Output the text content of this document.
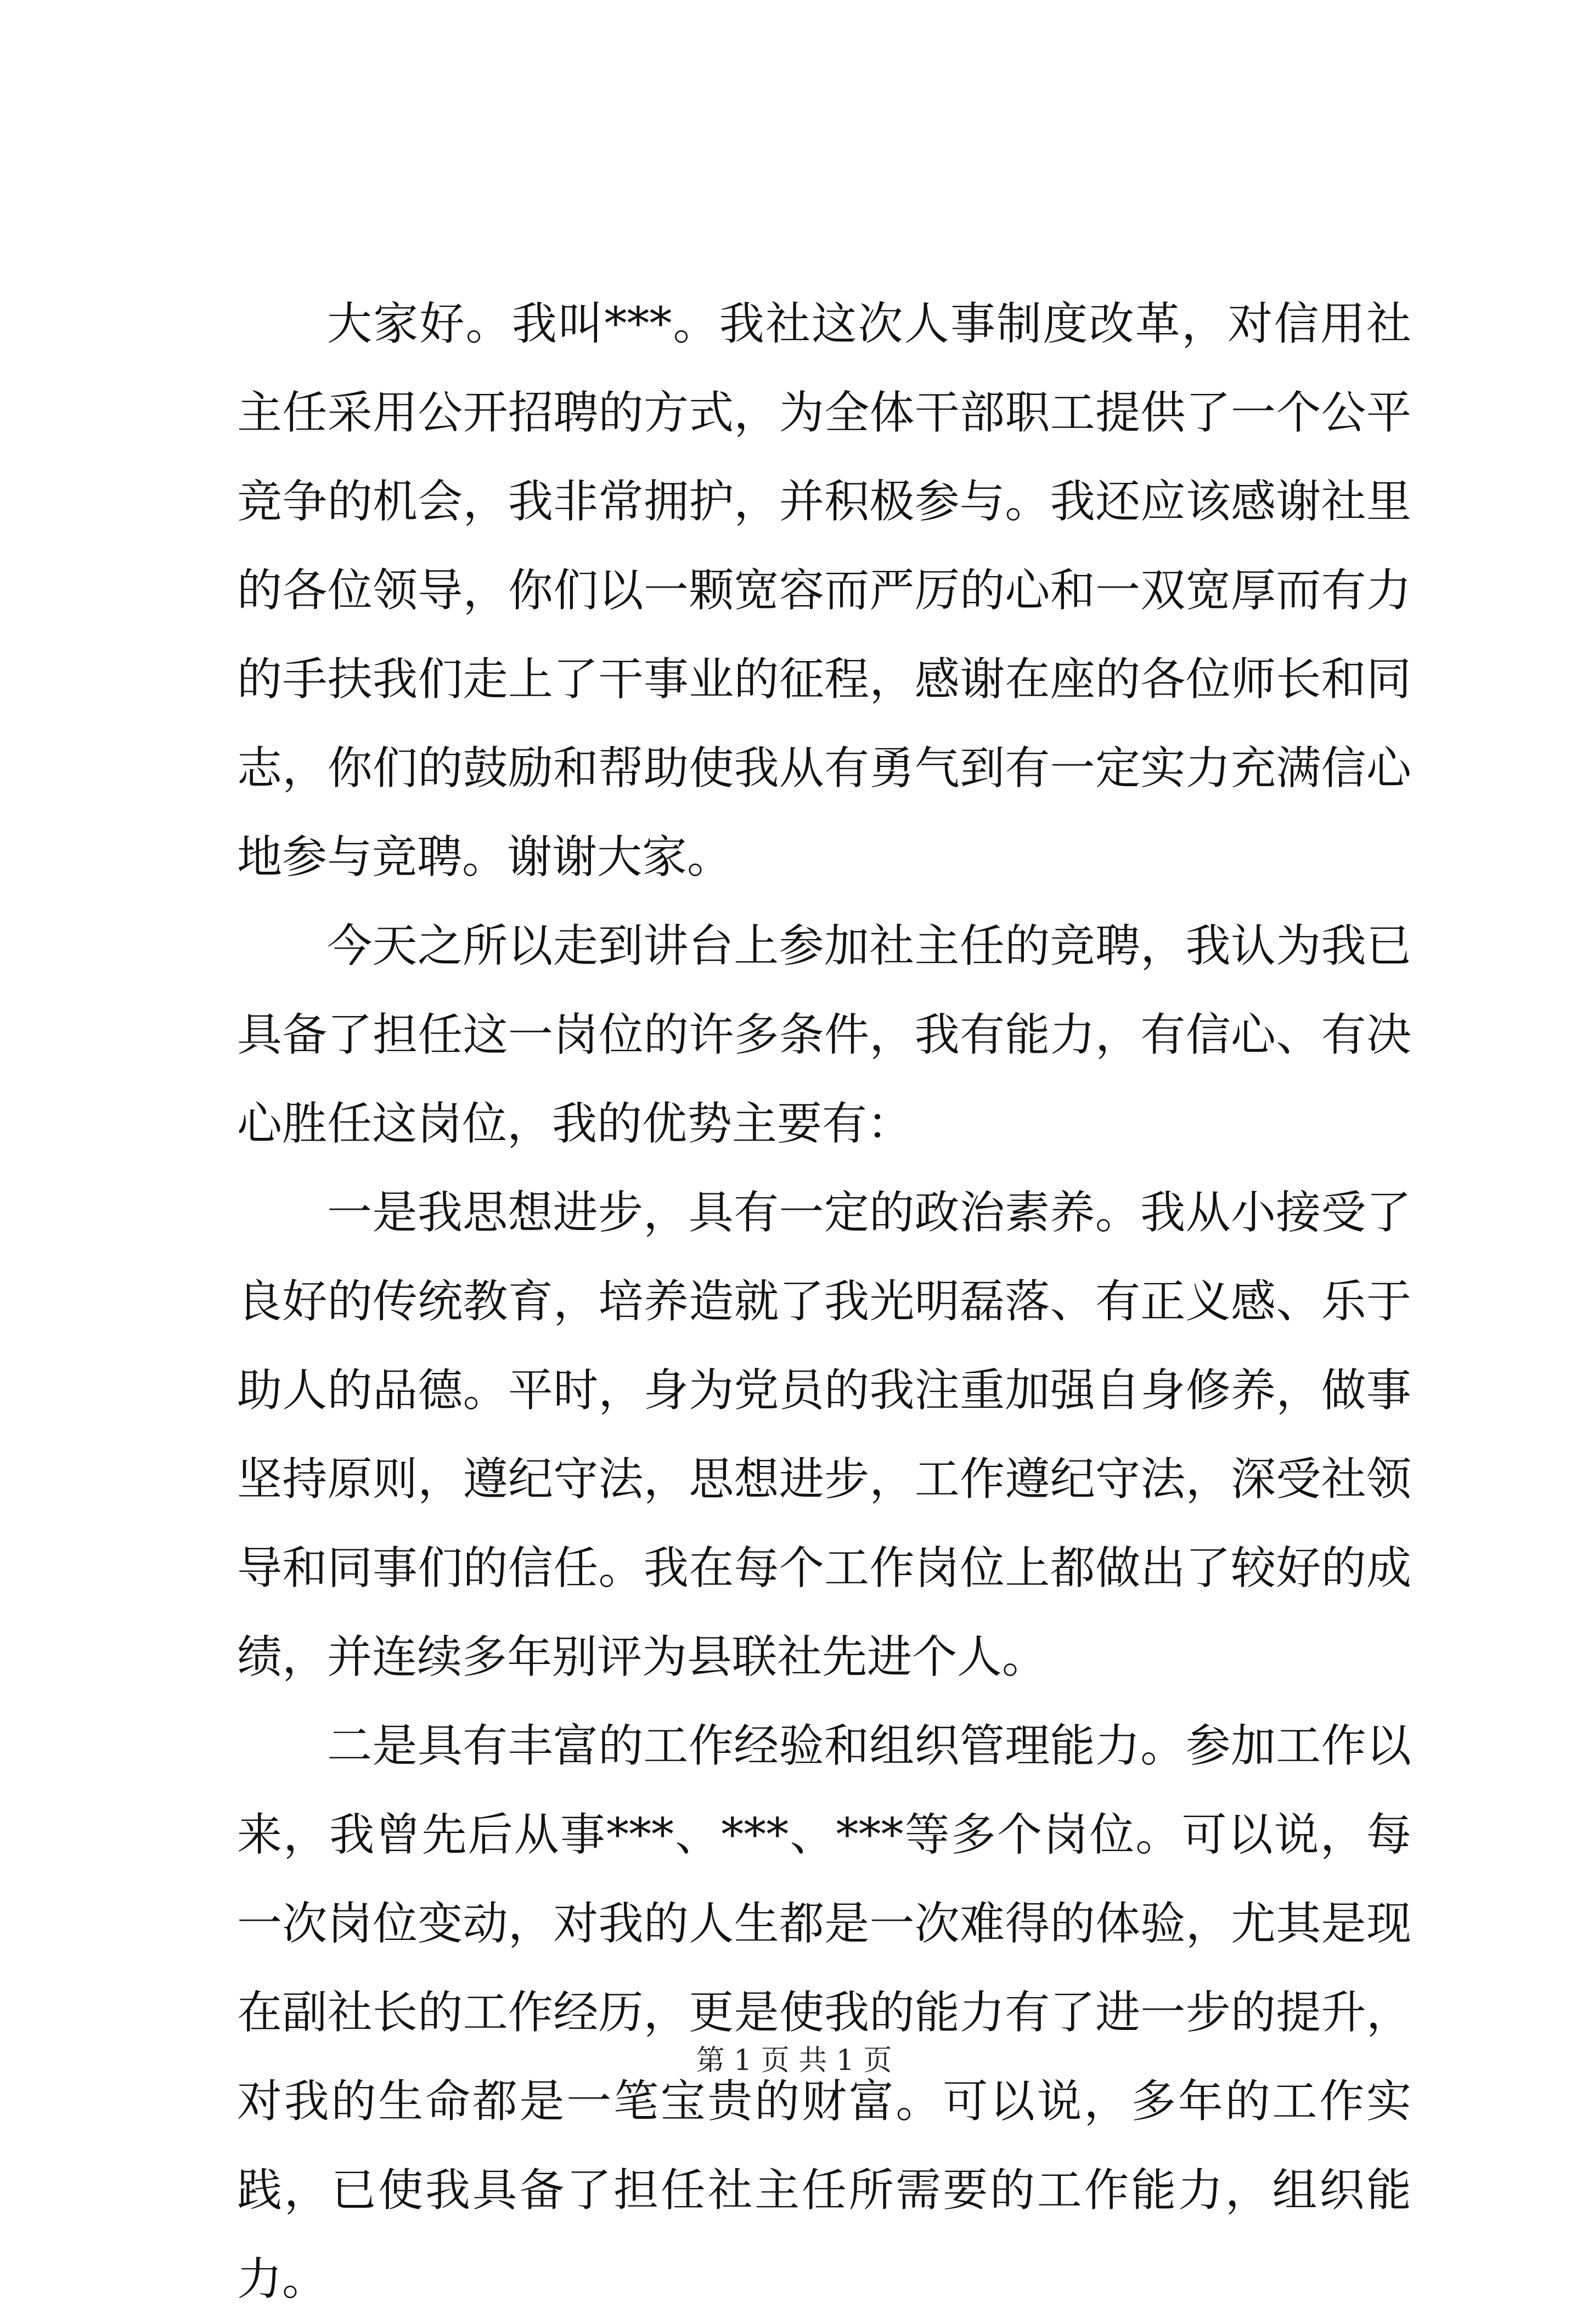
大家好。我叫***。我社这次人事制度改革，对信用社主任采用公开招聘的方式，为全体干部职工提供了一个公平竞争的机会，我非常拥护，并积极参与。我还应该感谢社里的各位领导，你们以一颗宽容而严厉的心和一双宽厚而有力的手扶我们走上了干事业的征程，感谢在座的各位师长和同志，你们的鼓励和帮助使我从有勇气到有一定实力充满信心地参与竞聘。谢谢大家。

今天之所以走到讲台上参加社主任的竞聘，我认为我已具备了担任这一岗位的许多条件，我有能力，有信心、有决心胜任这岗位，我的优势主要有：

一是我思想进步，具有一定的政治素养。我从小接受了良好的传统教育，培养造就了我光明磊落、有正义感、乐于助人的品德。平时，身为党员的我注重加强自身修养，做事坚持原则，遵纪守法，思想进步，工作遵纪守法，深受社领导和同事们的信任。我在每个工作岗位上都做出了较好的成绩，并连续多年别评为县联社先进个人。

二是具有丰富的工作经验和组织管理能力。参加工作以来，我曾先后从事***、***、***等多个岗位。可以说，每一次岗位变动，对我的人生都是一次难得的体验，尤其是现在副社长的工作经历，更是使我的能力有了进一步的提升，对我的生命都是一笔宝贵的财富。可以说，多年的工作实践，已使我具备了担任社主任所需要的工作能力，组织能力。

第 1 页 共 1 页
